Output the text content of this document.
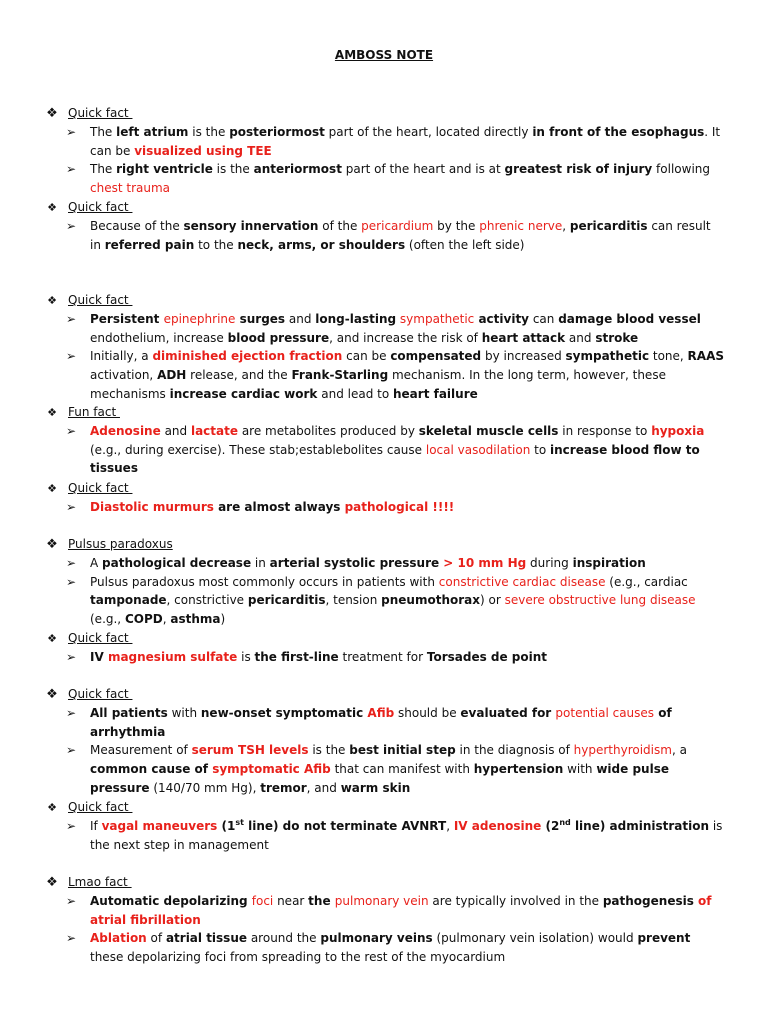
AMBOSS NOTE
❖ Quick fact
➢ The left atrium is the posteriormost part of the heart, located directly in front of the esophagus. It can be visualized using TEE
➢ The right ventricle is the anteriormost part of the heart and is at greatest risk of injury following chest trauma
❖ Quick fact
➢ Because of the sensory innervation of the pericardium by the phrenic nerve, pericarditis can result in referred pain to the neck, arms, or shoulders (often the left side)
❖ Quick fact
➢ Persistent epinephrine surges and long-lasting sympathetic activity can damage blood vessel endothelium, increase blood pressure, and increase the risk of heart attack and stroke
➢ Initially, a diminished ejection fraction can be compensated by increased sympathetic tone, RAAS activation, ADH release, and the Frank-Starling mechanism. In the long term, however, these mechanisms increase cardiac work and lead to heart failure
❖ Fun fact
➢ Adenosine and lactate are metabolites produced by skeletal muscle cells in response to hypoxia (e.g., during exercise). These stab;establebolites cause local vasodilation to increase blood flow to tissues
❖ Quick fact
➢ Diastolic murmurs are almost always pathological !!!!
❖ Pulsus paradoxus
➢ A pathological decrease in arterial systolic pressure > 10 mm Hg during inspiration
➢ Pulsus paradoxus most commonly occurs in patients with constrictive cardiac disease (e.g., cardiac tamponade, constrictive pericarditis, tension pneumothorax) or severe obstructive lung disease (e.g., COPD, asthma)
❖ Quick fact
➢ IV magnesium sulfate is the first-line treatment for Torsades de point
❖ Quick fact
➢ All patients with new-onset symptomatic Afib should be evaluated for potential causes of arrhythmia
➢ Measurement of serum TSH levels is the best initial step in the diagnosis of hyperthyroidism, a common cause of symptomatic Afib that can manifest with hypertension with wide pulse pressure (140/70 mm Hg), tremor, and warm skin
❖ Quick fact
➢ If vagal maneuvers (1st line) do not terminate AVNRT, IV adenosine (2nd line) administration is the next step in management
❖ Lmao fact
➢ Automatic depolarizing foci near the pulmonary vein are typically involved in the pathogenesis of atrial fibrillation
➢ Ablation of atrial tissue around the pulmonary veins (pulmonary vein isolation) would prevent these depolarizing foci from spreading to the rest of the myocardium
